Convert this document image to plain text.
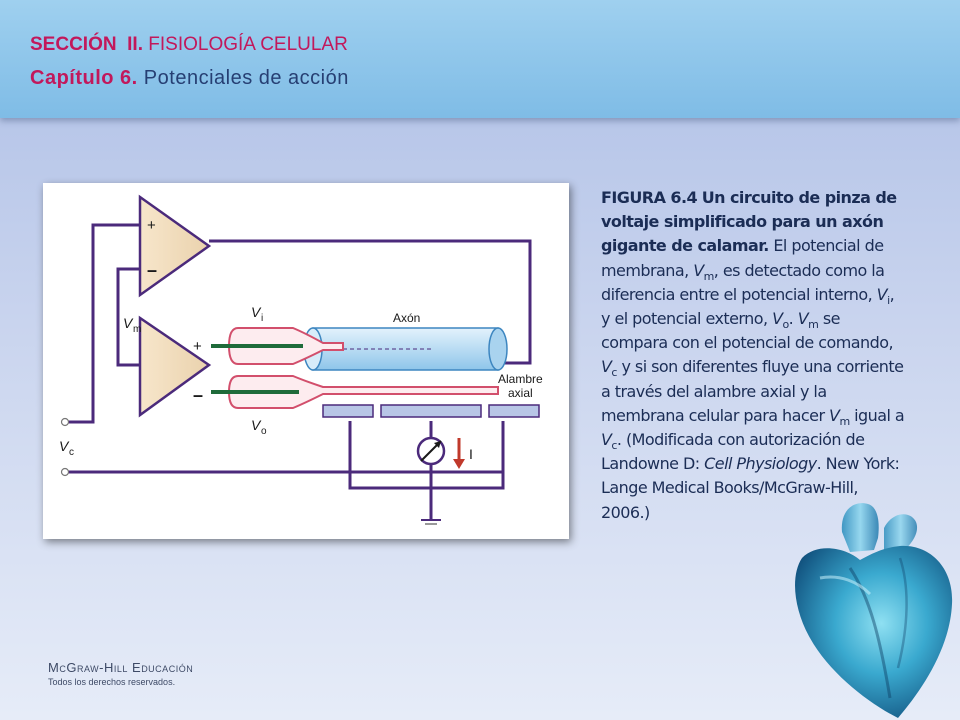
SECCIÓN II. FISIOLOGÍA CELULAR
Capítulo 6. Potenciales de acción
+
–
+
–
V m
V c
Axón
V i
V o
Alambre
axial
I
FIGURA 6.4 Un circuito de pinza de voltaje simplificado para un axón gigante de calamar. El potencial de membrana, $V_m$, es detectado como la diferencia entre el potencial interno, $V_i$, y el potencial externo, $V_o$. $V_m$ se compara con el potencial de comando, $V_c$ y si son diferentes fluye una corriente a través del alambre axial y la membrana celular para hacer $V_m$ igual a $V_c$. (Modificada con autorización de Landowne D: Cell Physiology. New York: Lange Medical Books/McGraw-Hill, 2006.)
MCGRAW-HILL EDUCACIÓN
Todos los derechos reservados.
